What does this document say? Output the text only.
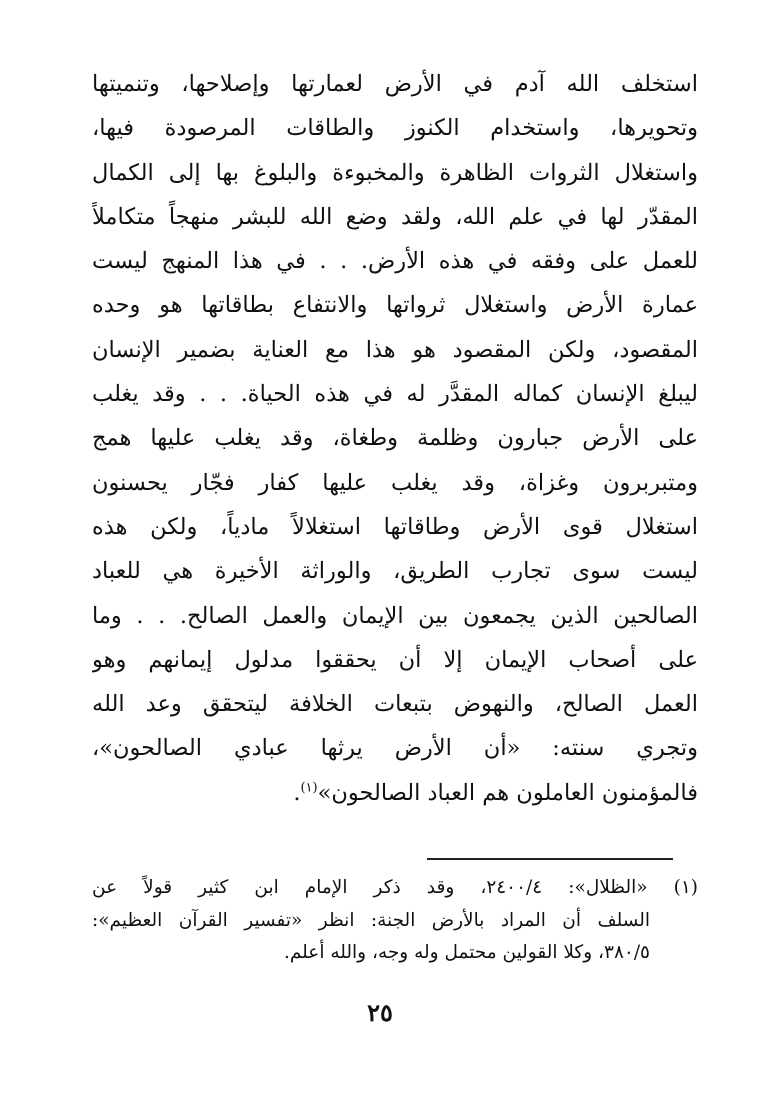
استخلف الله آدم في الأرض لعمارتها وإصلاحها، وتنميتها
وتحويرها، واستخدام الكنوز والطاقات المرصودة فيها،
واستغلال الثروات الظاهرة والمخبوءة والبلوغ بها إلى الكمال
المقدّر لها في علم الله، ولقد وضع الله للبشر منهجاً متكاملاً
للعمل على وفقه في هذه الأرض. . . في هذا المنهج ليست
عمارة الأرض واستغلال ثرواتها والانتفاع بطاقاتها هو وحده
المقصود، ولكن المقصود هو هذا مع العناية بضمير الإنسان
ليبلغ الإنسان كماله المقدَّر له في هذه الحياة. . . وقد يغلب
على الأرض جبارون وظلمة وطغاة، وقد يغلب عليها همج
ومتبربرون وغزاة، وقد يغلب عليها كفار فجّار يحسنون
استغلال قوى الأرض وطاقاتها استغلالاً مادياً، ولكن هذه
ليست سوى تجارب الطريق، والوراثة الأخيرة هي للعباد
الصالحين الذين يجمعون بين الإيمان والعمل الصالح. . . وما
على أصحاب الإيمان إلا أن يحققوا مدلول إيمانهم وهو
العمل الصالح، والنهوض بتبعات الخلافة ليتحقق وعد الله
وتجري سنته: «أن الأرض يرثها عبادي الصالحون»،
فالمؤمنون العاملون هم العباد الصالحون»$^{(١)}$.
(١) «الظلال»: ٢٤٠٠/٤، وقد ذكر الإمام ابن كثير قولاً عن
السلف أن المراد بالأرض الجنة: انظر «تفسير القرآن العظيم»:
٣٨٠/٥، وكلا القولين محتمل وله وجه، والله أعلم.
٢٥
